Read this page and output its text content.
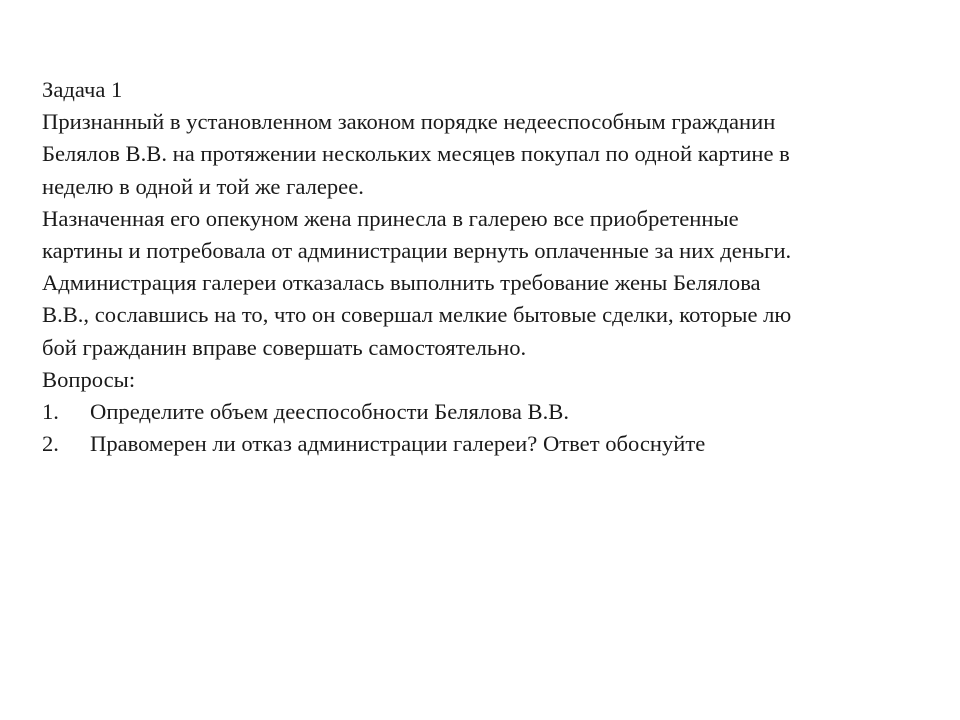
Задача 1
Признанный в установленном законом порядке недееспособным гражданин
Белялов В.В. на протяжении нескольких месяцев покупал по одной картине в
неделю в одной и той же галерее.
Назначенная его опекуном жена принесла в галерею все приобретенные
картины и потребовала от администрации вернуть оплаченные за них деньги.
Администрация галереи отказалась выполнить требование жены Белялова
В.В., сославшись на то, что он совершал мелкие бытовые сделки, которые лю
бой гражданин вправе совершать самостоятельно.
Вопросы:
1. Определите объем дееспособности Белялова В.В.
2. Правомерен ли отказ администрации галереи? Ответ обоснуйте
